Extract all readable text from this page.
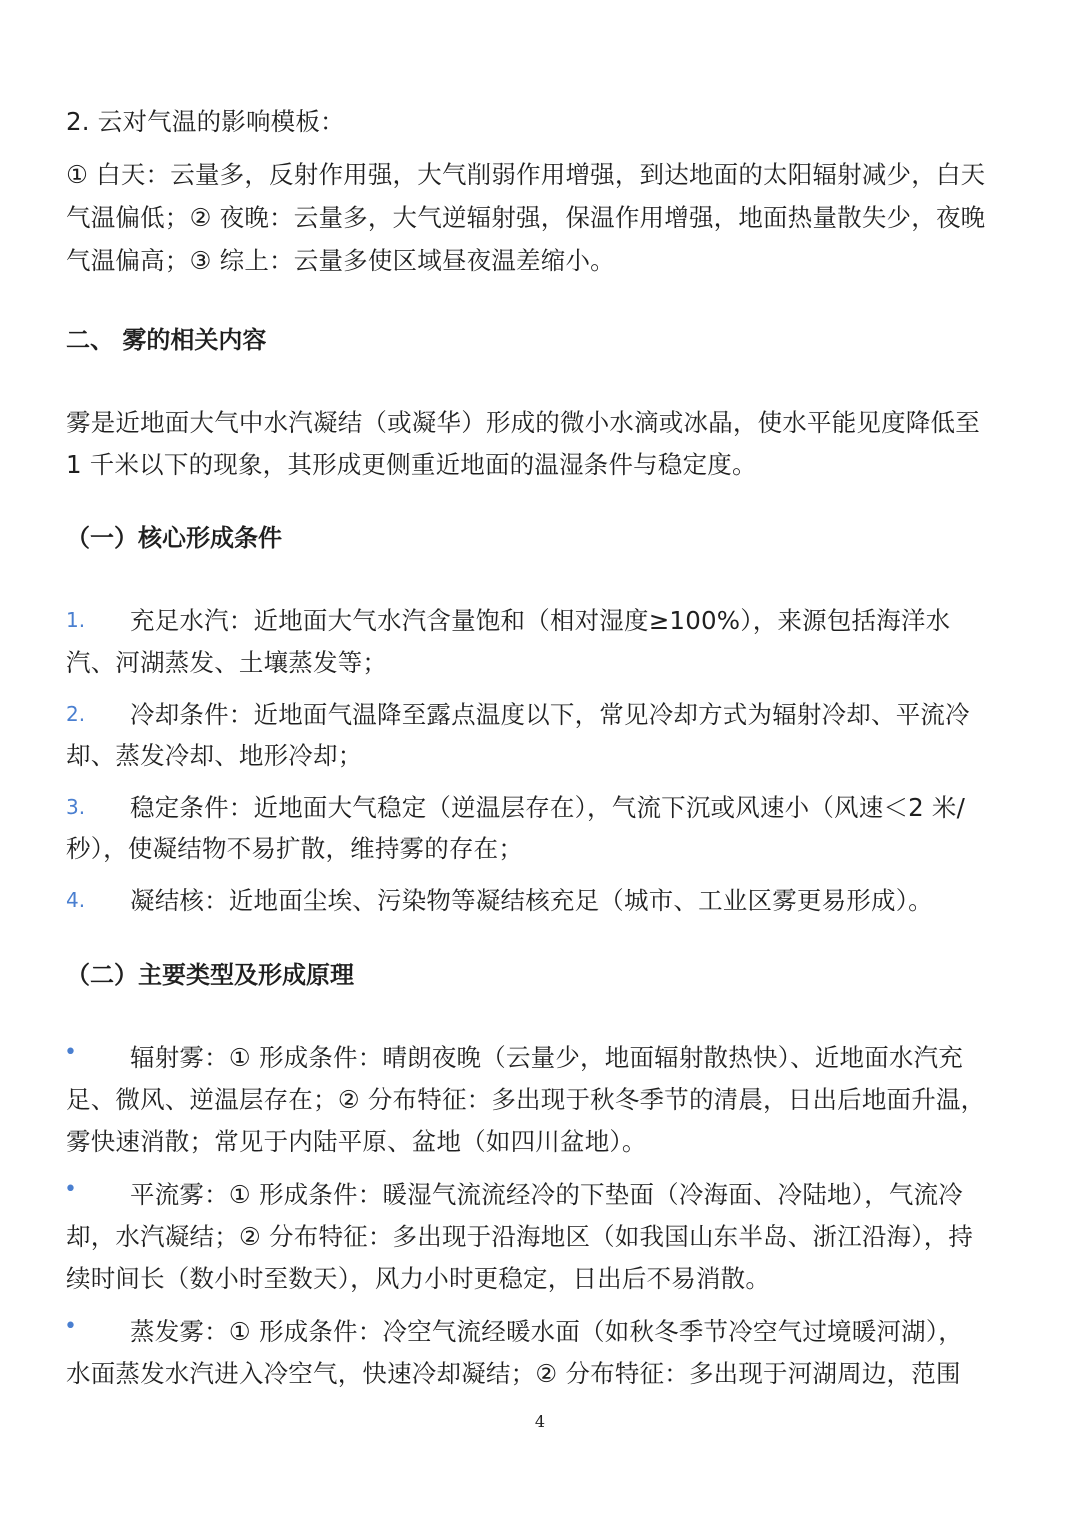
2. 云对气温的影响模板：
① 白天：云量多，反射作用强，大气削弱作用增强，到达地面的太阳辐射减少，白天
气温偏低；② 夜晚：云量多，大气逆辐射强，保温作用增强，地面热量散失少，夜晚
气温偏高；③ 综上：云量多使区域昼夜温差缩小。
二、 雾的相关内容
雾是近地面大气中水汽凝结（或凝华）形成的微小水滴或冰晶，使水平能见度降低至
1 千米以下的现象，其形成更侧重近地面的温湿条件与稳定度。
（一）核心形成条件
1. 充足水汽：近地面大气水汽含量饱和（相对湿度≥100%），来源包括海洋水
汽、河湖蒸发、土壤蒸发等；
2. 冷却条件：近地面气温降至露点温度以下，常见冷却方式为辐射冷却、平流冷
却、蒸发冷却、地形冷却；
3. 稳定条件：近地面大气稳定（逆温层存在），气流下沉或风速小（风速＜2 米/
秒），使凝结物不易扩散，维持雾的存在；
4. 凝结核：近地面尘埃、污染物等凝结核充足（城市、工业区雾更易形成）。
（二）主要类型及形成原理
• 辐射雾：① 形成条件：晴朗夜晚（云量少，地面辐射散热快）、近地面水汽充
足、微风、逆温层存在；② 分布特征：多出现于秋冬季节的清晨，日出后地面升温，
雾快速消散；常见于内陆平原、盆地（如四川盆地）。
• 平流雾：① 形成条件：暖湿气流流经冷的下垫面（冷海面、冷陆地），气流冷
却，水汽凝结；② 分布特征：多出现于沿海地区（如我国山东半岛、浙江沿海），持
续时间长（数小时至数天），风力小时更稳定，日出后不易消散。
• 蒸发雾：① 形成条件：冷空气流经暖水面（如秋冬季节冷空气过境暖河湖），
水面蒸发水汽进入冷空气，快速冷却凝结；② 分布特征：多出现于河湖周边，范围
4
